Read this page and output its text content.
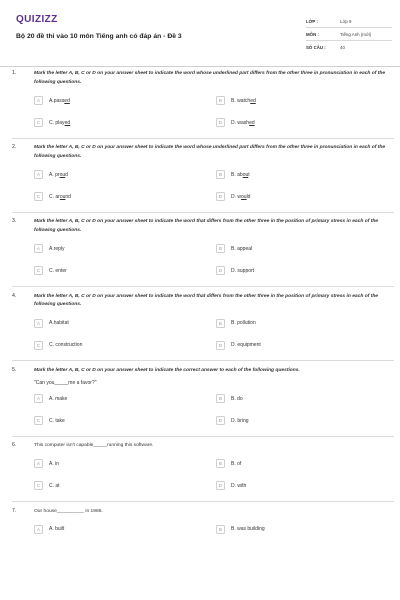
QUIZIZZ
Bộ 20 đề thi vào 10 môn Tiếng anh có đáp án - Đề 3
LỚP :	Lớp 9
MÔN :	Tiếng Anh (mới)
SỐ CÂU :	40
1.	Mark the letter A, B, C or D on your answer sheet to indicate the word whose underlined part differs from the other three in pronunciation in each of the following questions.
A	A.passed	B	B. watched
C	C. played	D	D. washed
2.	Mark the letter A, B, C or D on your answer sheet to indicate the word whose underlined part differs from the other three in pronunciation in each of the following questions.
A	A. proud	B	B. about
C	C. around	D	D. would
3.	Mark the letter A, B, C or D on your answer sheet to indicate the word that differs from the other three in the position of primary stress in each of the following questions.
A	A.reply	B	B. appeal
C	C. enter	D	D. support
4.	Mark the letter A, B, C or D on your answer sheet to indicate the word that differs from the other three in the position of primary stress in each of the following questions.
A	A.habitat	B	B. pollution
C	C. construction	D	D. equipment
5.	Mark the letter A, B, C or D on your answer sheet to indicate the correct answer to each of the following questions.
"Can you_____me a favor?"
A	A. make	B	B. do
C	C. take	D	D. bring
6.	This computer isn't capable_____running this software.
A	A. in	B	B. of
C	C. at	D	D. with
7.	Our house__________ in 1986.
A	A. built	B	B. was building
